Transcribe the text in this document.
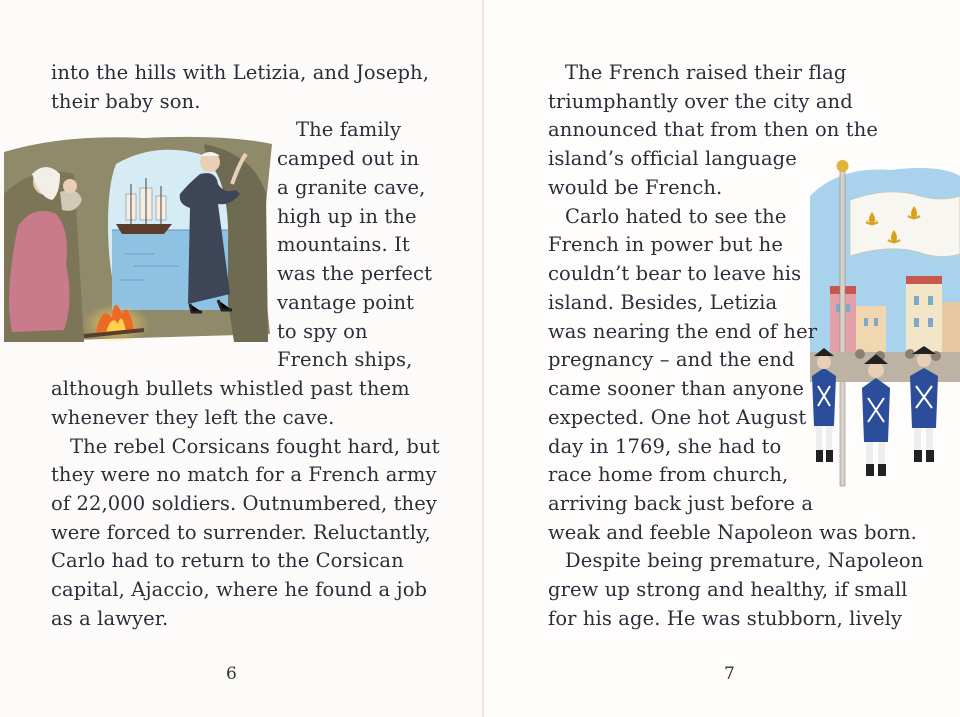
into the hills with Letizia, and Joseph,
their baby son.
The family
camped out in
a granite cave,
high up in the
mountains. It
was the perfect
vantage point
to spy on
French ships,
although bullets whistled past them
whenever they left the cave.
The rebel Corsicans fought hard, but
they were no match for a French army
of 22,000 soldiers. Outnumbered, they
were forced to surrender. Reluctantly,
Carlo had to return to the Corsican
capital, Ajaccio, where he found a job
as a lawyer.
6
The French raised their flag
triumphantly over the city and
announced that from then on the
island’s official language
would be French.
Carlo hated to see the
French in power but he
couldn’t bear to leave his
island. Besides, Letizia
was nearing the end of her
pregnancy – and the end
came sooner than anyone
expected. One hot August
day in 1769, she had to
race home from church,
arriving back just before a
weak and feeble Napoleon was born.
Despite being premature, Napoleon
grew up strong and healthy, if small
for his age. He was stubborn, lively
7
